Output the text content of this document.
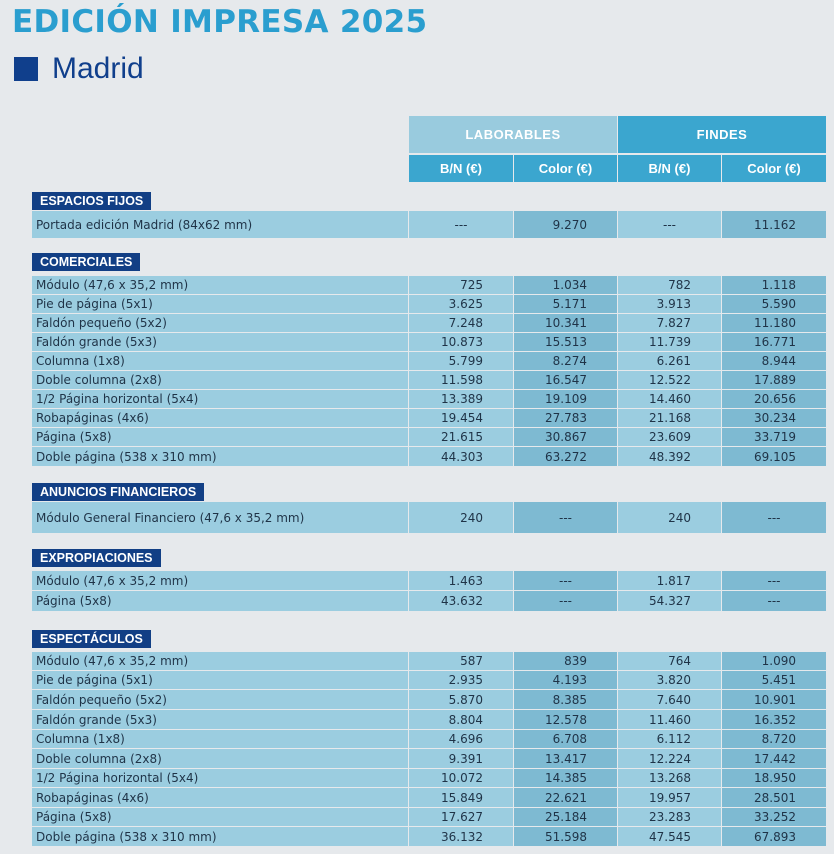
EDICIÓN IMPRESA 2025
Madrid
LABORABLES	FINDES
B/N (€)	Color (€)	B/N (€)	Color (€)
ESPACIOS FIJOS
Portada edición Madrid (84x62 mm)	---	9.270	---	11.162
COMERCIALES
Módulo (47,6 x 35,2 mm)	725	1.034	782	1.118
Pie de página (5x1)	3.625	5.171	3.913	5.590
Faldón pequeño (5x2)	7.248	10.341	7.827	11.180
Faldón grande (5x3)	10.873	15.513	11.739	16.771
Columna (1x8)	5.799	8.274	6.261	8.944
Doble columna (2x8)	11.598	16.547	12.522	17.889
1/2 Página horizontal (5x4)	13.389	19.109	14.460	20.656
Robapáginas (4x6)	19.454	27.783	21.168	30.234
Página (5x8)	21.615	30.867	23.609	33.719
Doble página (538 x 310 mm)	44.303	63.272	48.392	69.105
ANUNCIOS FINANCIEROS
Módulo General Financiero (47,6 x 35,2 mm)	240	---	240	---
EXPROPIACIONES
Módulo (47,6 x 35,2 mm)	1.463	---	1.817	---
Página (5x8)	43.632	---	54.327	---
ESPECTÁCULOS
Módulo (47,6 x 35,2 mm)	587	839	764	1.090
Pie de página (5x1)	2.935	4.193	3.820	5.451
Faldón pequeño (5x2)	5.870	8.385	7.640	10.901
Faldón grande (5x3)	8.804	12.578	11.460	16.352
Columna (1x8)	4.696	6.708	6.112	8.720
Doble columna (2x8)	9.391	13.417	12.224	17.442
1/2 Página horizontal (5x4)	10.072	14.385	13.268	18.950
Robapáginas (4x6)	15.849	22.621	19.957	28.501
Página (5x8)	17.627	25.184	23.283	33.252
Doble página (538 x 310 mm)	36.132	51.598	47.545	67.893
